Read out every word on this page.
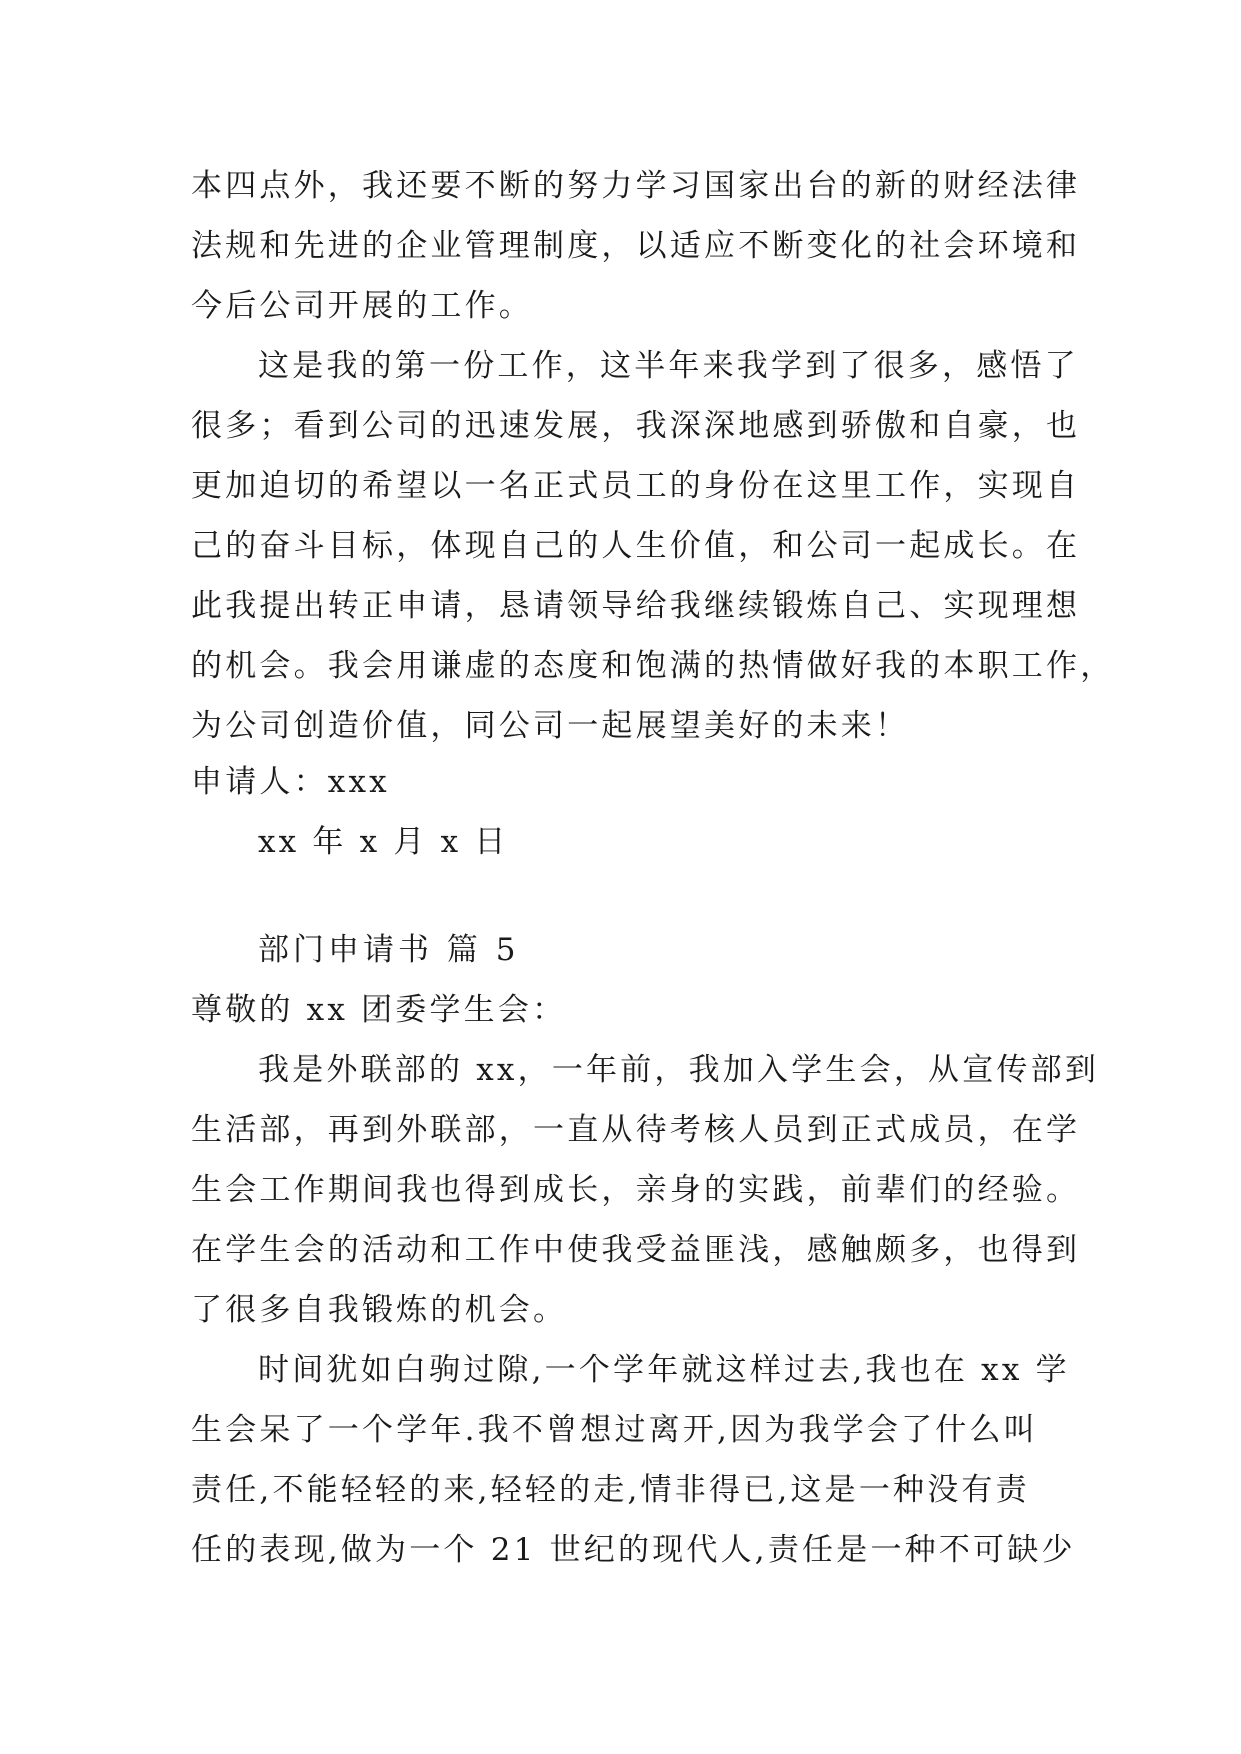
本四点外，我还要不断的努力学习国家出台的新的财经法律
法规和先进的企业管理制度，以适应不断变化的社会环境和
今后公司开展的工作。
这是我的第一份工作，这半年来我学到了很多，感悟了
很多；看到公司的迅速发展，我深深地感到骄傲和自豪，也
更加迫切的希望以一名正式员工的身份在这里工作，实现自
己的奋斗目标，体现自己的人生价值，和公司一起成长。在
此我提出转正申请，恳请领导给我继续锻炼自己、实现理想
的机会。我会用谦虚的态度和饱满的热情做好我的本职工作，
为公司创造价值，同公司一起展望美好的未来！
申请人：xxx
xx 年 x 月 x 日
部门申请书 篇 5
尊敬的 xx 团委学生会：
我是外联部的 xx，一年前，我加入学生会，从宣传部到
生活部，再到外联部，一直从待考核人员到正式成员，在学
生会工作期间我也得到成长，亲身的实践，前辈们的经验。
在学生会的活动和工作中使我受益匪浅，感触颇多，也得到
了很多自我锻炼的机会。
时间犹如白驹过隙,一个学年就这样过去,我也在 xx 学
生会呆了一个学年.我不曾想过离开,因为我学会了什么叫
责任,不能轻轻的来,轻轻的走,情非得已,这是一种没有责
任的表现,做为一个 21 世纪的现代人,责任是一种不可缺少
